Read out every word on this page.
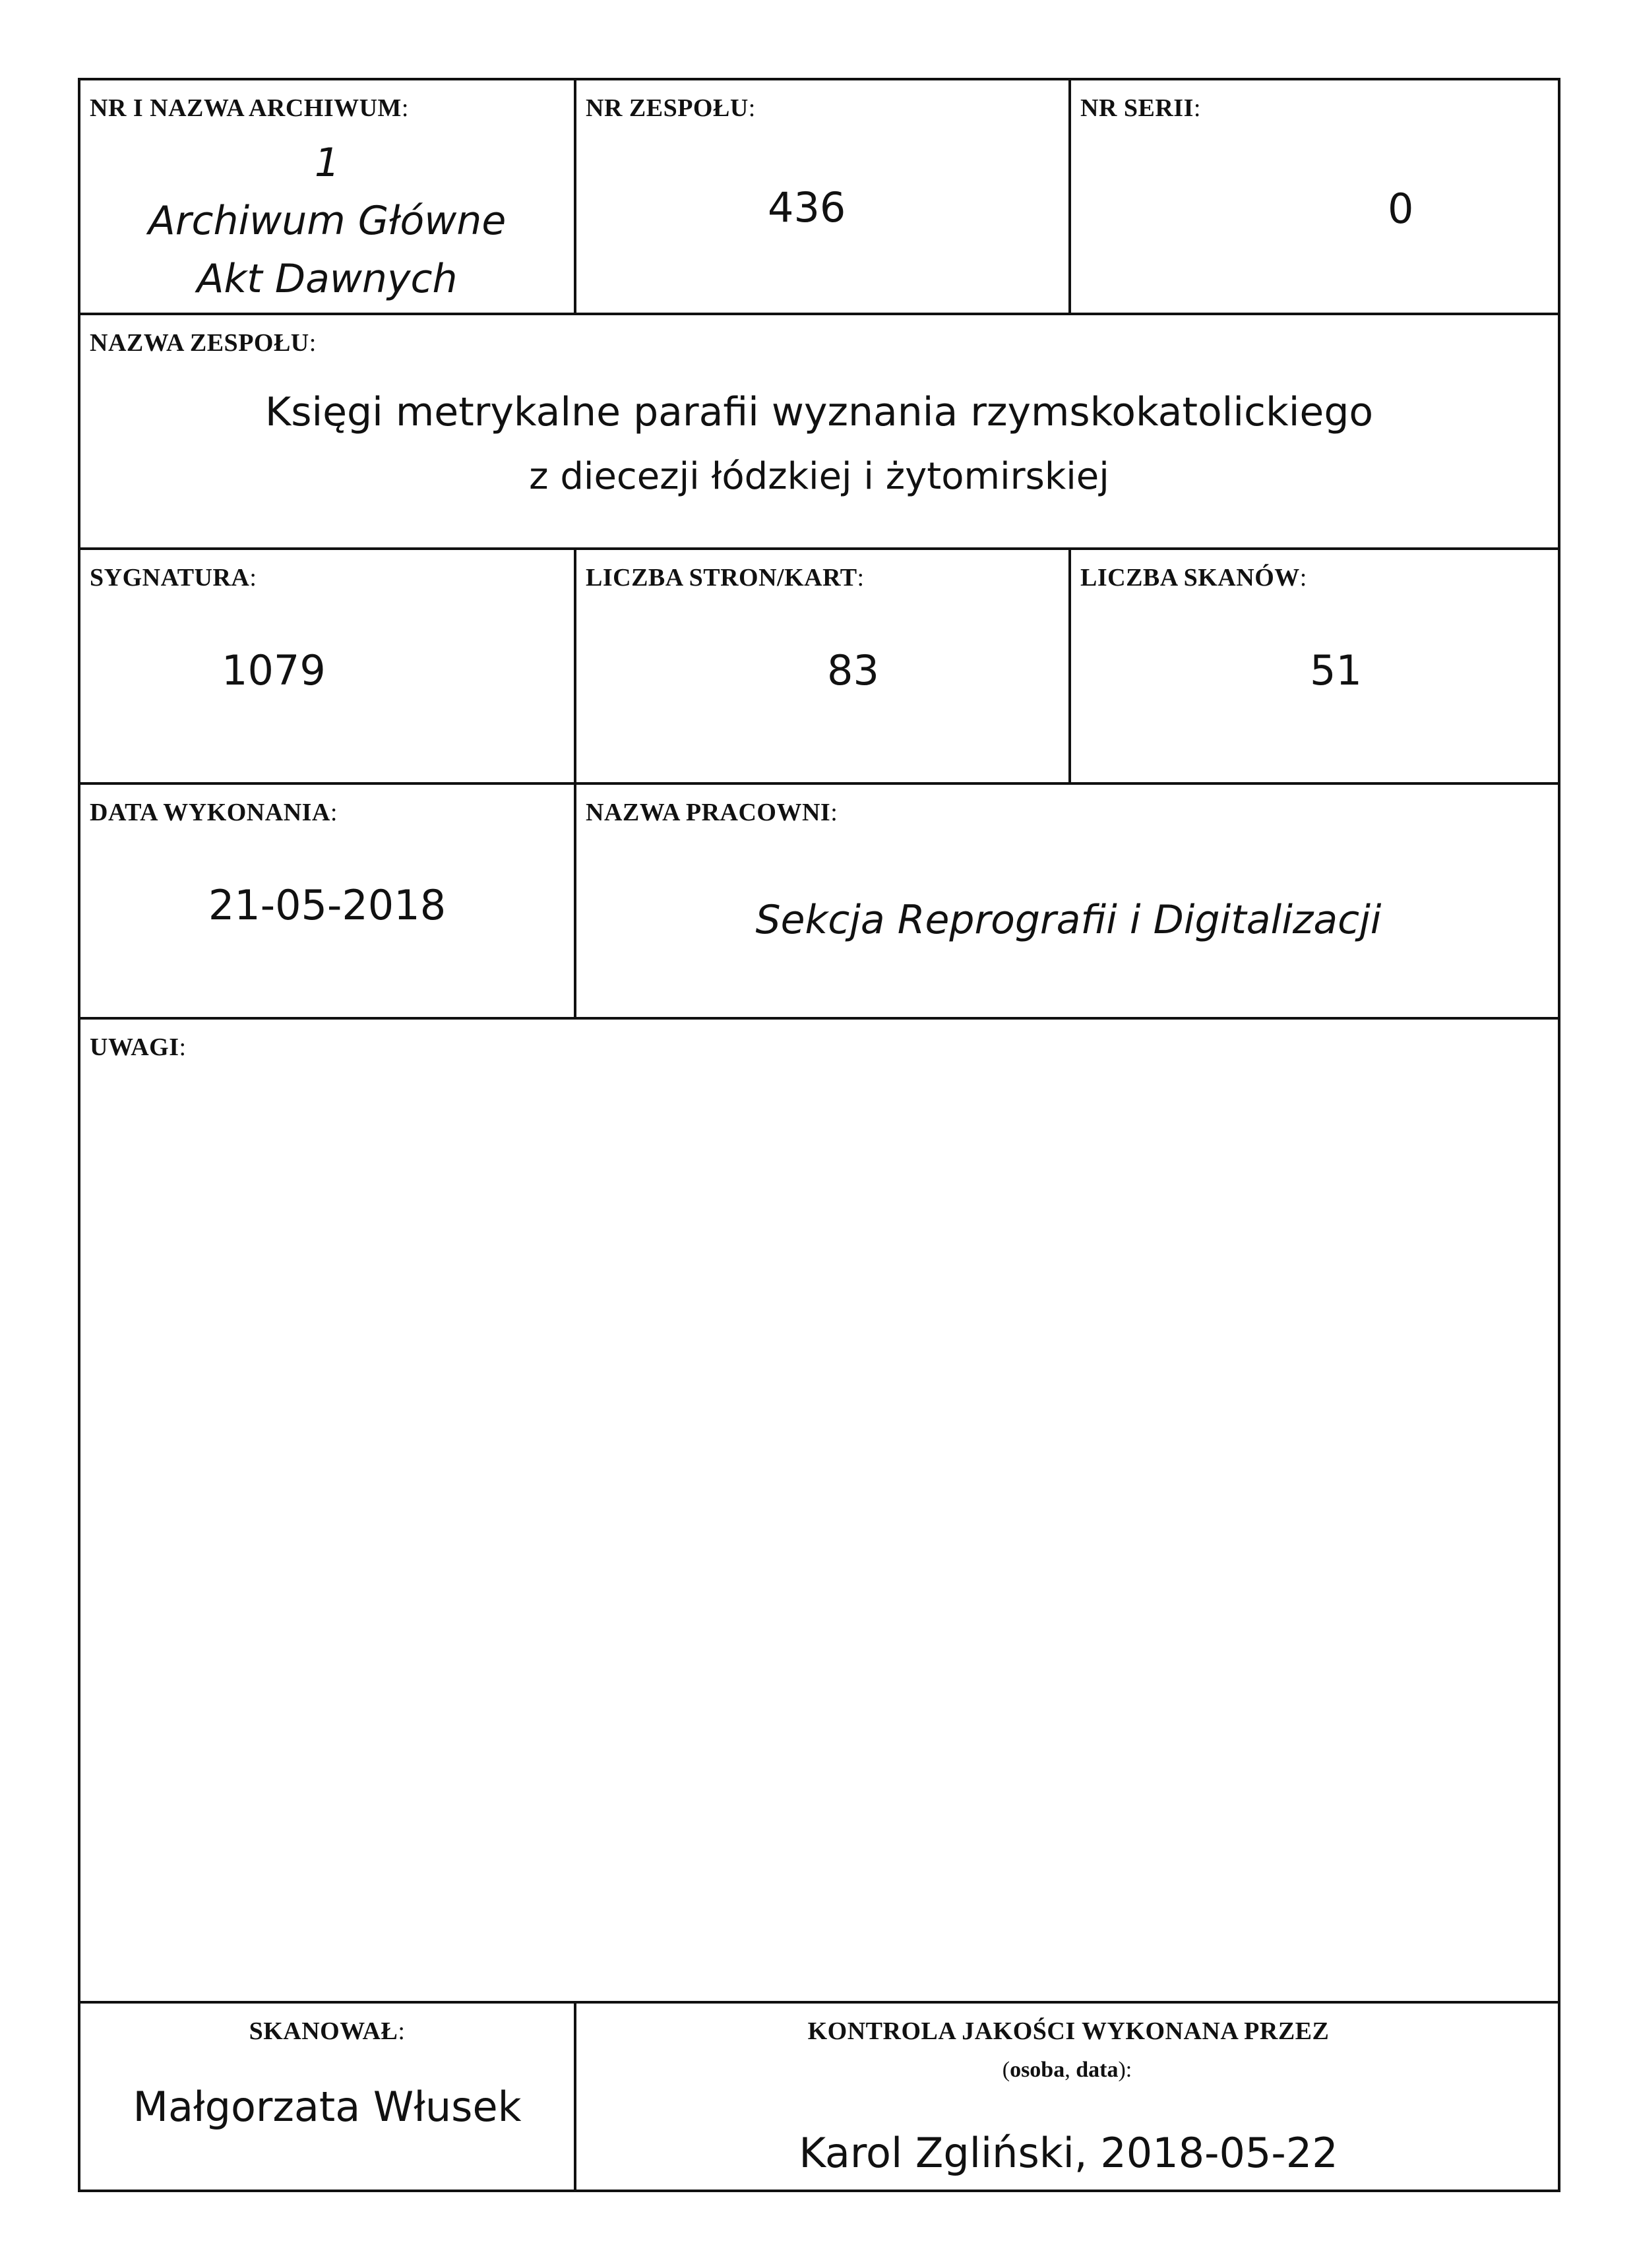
NR I NAZWA ARCHIWUM:
1
Archiwum Główne
Akt Dawnych
NR ZESPOŁU:
436
NR SERII:
0
NAZWA ZESPOŁU:
Księgi metrykalne parafii wyznania rzymskokatolickiego
z diecezji łódzkiej i żytomirskiej
SYGNATURA:
1079
LICZBA STRON/KART:
83
LICZBA SKANÓW:
51
DATA WYKONANIA:
21-05-2018
NAZWA PRACOWNI:
Sekcja Reprografii i Digitalizacji
UWAGI:
SKANOWAŁ:
Małgorzata Włusek
KONTROLA JAKOŚCI WYKONANA PRZEZ
(osoba, data):
Karol Zgliński, 2018-05-22
